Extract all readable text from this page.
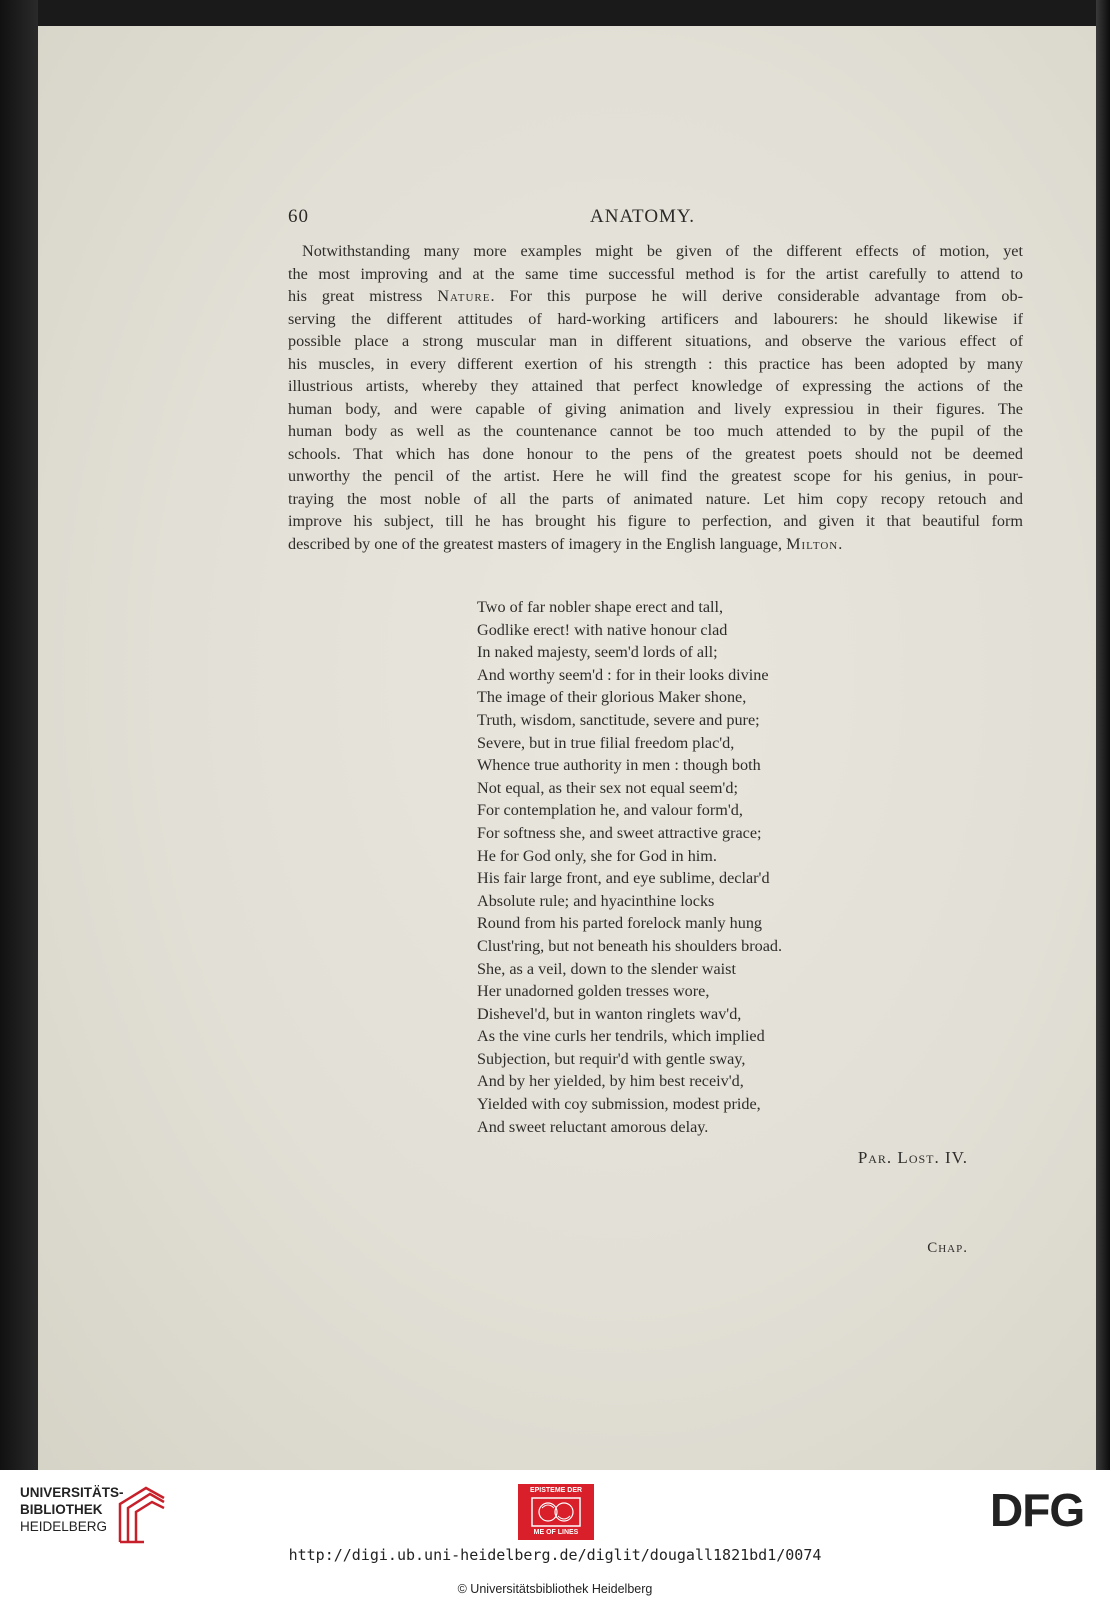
60	ANATOMY.
Notwithstanding many more examples might be given of the different effects of motion, yet
the most improving and at the same time successful method is for the artist carefully to attend to
his great mistress Nature. For this purpose he will derive considerable advantage from ob-
serving the different attitudes of hard-working artificers and labourers: he should likewise if
possible place a strong muscular man in different situations, and observe the various effect of
his muscles, in every different exertion of his strength : this practice has been adopted by many
illustrious artists, whereby they attained that perfect knowledge of expressing the actions of the
human body, and were capable of giving animation and lively expressiou in their figures. The
human body as well as the countenance cannot be too much attended to by the pupil of the
schools. That which has done honour to the pens of the greatest poets should not be deemed
unworthy the pencil of the artist. Here he will find the greatest scope for his genius, in pour-
traying the most noble of all the parts of animated nature. Let him copy recopy retouch and
improve his subject, till he has brought his figure to perfection, and given it that beautiful form
described by one of the greatest masters of imagery in the English language, Milton.
Two of far nobler shape erect and tall,
Godlike erect! with native honour clad
In naked majesty, seem'd lords of all;
And worthy seem'd : for in their looks divine
The image of their glorious Maker shone,
Truth, wisdom, sanctitude, severe and pure;
Severe, but in true filial freedom plac'd,
Whence true authority in men : though both
Not equal, as their sex not equal seem'd;
For contemplation he, and valour form'd,
For softness she, and sweet attractive grace;
He for God only, she for God in him.
His fair large front, and eye sublime, declar'd
Absolute rule; and hyacinthine locks
Round from his parted forelock manly hung
Clust'ring, but not beneath his shoulders broad.
She, as a veil, down to the slender waist
Her unadorned golden tresses wore,
Dishevel'd, but in wanton ringlets wav'd,
As the vine curls her tendrils, which implied
Subjection, but requir'd with gentle sway,
And by her yielded, by him best receiv'd,
Yielded with coy submission, modest pride,
And sweet reluctant amorous delay.
Par. Lost. IV.
Chap.
UNIVERSITÄTS-
BIBLIOTHEK
HEIDELBERG
EPISTEME DER
ME OF LINES	DFG
http://digi.ub.uni-heidelberg.de/diglit/dougall1821bd1/0074
© Universitätsbibliothek Heidelberg
